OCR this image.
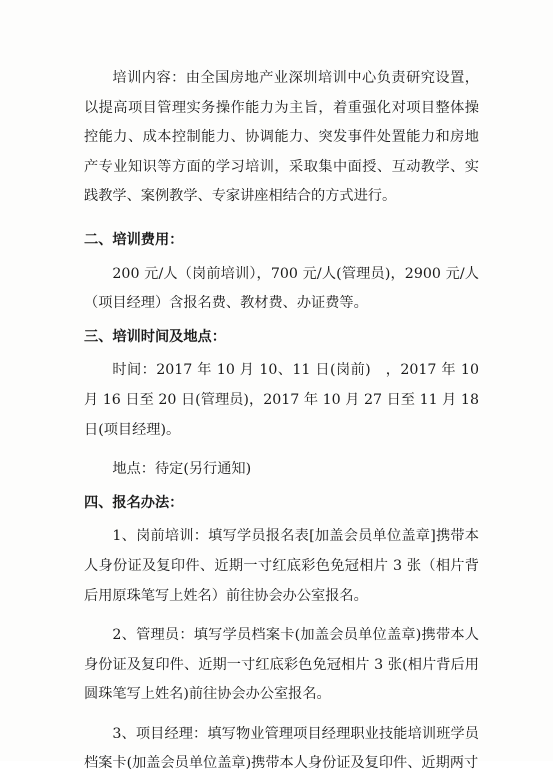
培训内容：由全国房地产业深圳培训中心负责研究设置，以提高项目管理实务操作能力为主旨，着重强化对项目整体操控能力、成本控制能力、协调能力、突发事件处置能力和房地产专业知识等方面的学习培训，采取集中面授、互动教学、实践教学、案例教学、专家讲座相结合的方式进行。

二、培训费用：

200 元/人（岗前培训），700 元/人(管理员)，2900 元/人（项目经理）含报名费、教材费、办证费等。

三、培训时间及地点：

时间：2017 年 10 月 10、11 日(岗前)　，2017 年 10 月 16 日至 20 日(管理员)，2017 年 10 月 27 日至 11 月 18 日(项目经理)。

地点：待定(另行通知)

四、报名办法：

1、岗前培训：填写学员报名表[加盖会员单位盖章]携带本人身份证及复印件、近期一寸红底彩色免冠相片 3 张（相片背后用原珠笔写上姓名）前往协会办公室报名。

2、管理员：填写学员档案卡(加盖会员单位盖章)携带本人身份证及复印件、近期一寸红底彩色免冠相片 3 张(相片背后用圆珠笔写上姓名)前往协会办公室报名。

3、项目经理：填写物业管理项目经理职业技能培训班学员档案卡(加盖会员单位盖章)携带本人身份证及复印件、近期两寸
